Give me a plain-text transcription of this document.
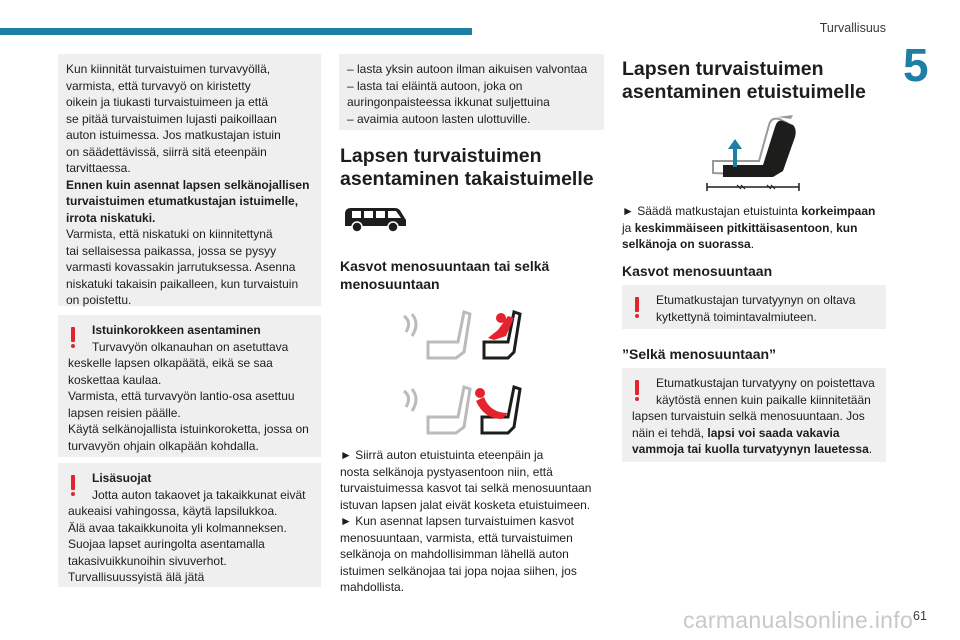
Turvallisuus
5

Kun kiinnität turvaistuimen turvavyöllä,

varmista, että turvavyö on kiristetty

oikein ja tiukasti turvaistuimeen ja että

se pitää turvaistuimen lujasti paikoillaan

auton istuimessa. Jos matkustajan istuin

on säädettävissä, siirrä sitä eteenpäin

tarvittaessa.

Ennen kuin asennat lapsen selkänojallisen

turvaistuimen etumatkustajan istuimelle,

irrota niskatuki.

Varmista, että niskatuki on kiinnitettynä

tai sellaisessa paikassa, jossa se pysyy

varmasti kovassakin jarrutuksessa. Asenna

niskatuki takaisin paikalleen, kun turvaistuin

on poistettu.

Istuinkorokkeen asentaminen

Turvavyön olkanauhan on asetuttava

keskelle lapsen olkapäätä, eikä se saa

koskettaa kaulaa.

Varmista, että turvavyön lantio-osa asettuu

lapsen reisien päälle.

Käytä selkänojallista istuinkoroketta, jossa on

turvavyön ohjain olkapään kohdalla.

Lisäsuojat

Jotta auton takaovet ja takaikkunat eivät

aukeaisi vahingossa, käytä lapsilukkoa.

Älä avaa takaikkunoita yli kolmanneksen.

Suojaa lapset auringolta asentamalla

takasivuikkunoihin sivuverhot.

Turvallisuussyistä älä jätä

– lasta yksin autoon ilman aikuisen valvontaa

– lasta tai eläintä autoon, joka on

auringonpaisteessa ikkunat suljettuina

– avaimia autoon lasten ulottuville.

Lapsen turvaistuimen
asentaminen takaistuimelle
Kasvot menosuuntaan tai selkä
menosuuntaan

► Siirrä auton etuistuinta eteenpäin ja

nosta selkänoja pystyasentoon niin, että

turvaistuimessa kasvot tai selkä menosuuntaan

istuvan lapsen jalat eivät kosketa etuistuimeen.

► Kun asennat lapsen turvaistuimen kasvot

menosuuntaan, varmista, että turvaistuimen

selkänoja on mahdollisimman lähellä auton

istuimen selkänojaa tai jopa nojaa siihen, jos

mahdollista.

Lapsen turvaistuimen
asentaminen etuistuimelle

► Säädä matkustajan etuistuinta korkeimpaan

ja keskimmäiseen pitkittäisasentoon, kun

selkänoja on suorassa.

Kasvot menosuuntaan

Etumatkustajan turvatyynyn on oltava

kytkettynä toimintavalmiuteen.

”Selkä menosuuntaan”

Etumatkustajan turvatyyny on poistettava

käytöstä ennen kuin paikalle kiinnitetään

lapsen turvaistuin selkä menosuuntaan. Jos

näin ei tehdä, lapsi voi saada vakavia

vammoja tai kuolla turvatyynyn lauetessa.

carmanualsonline.info 61
